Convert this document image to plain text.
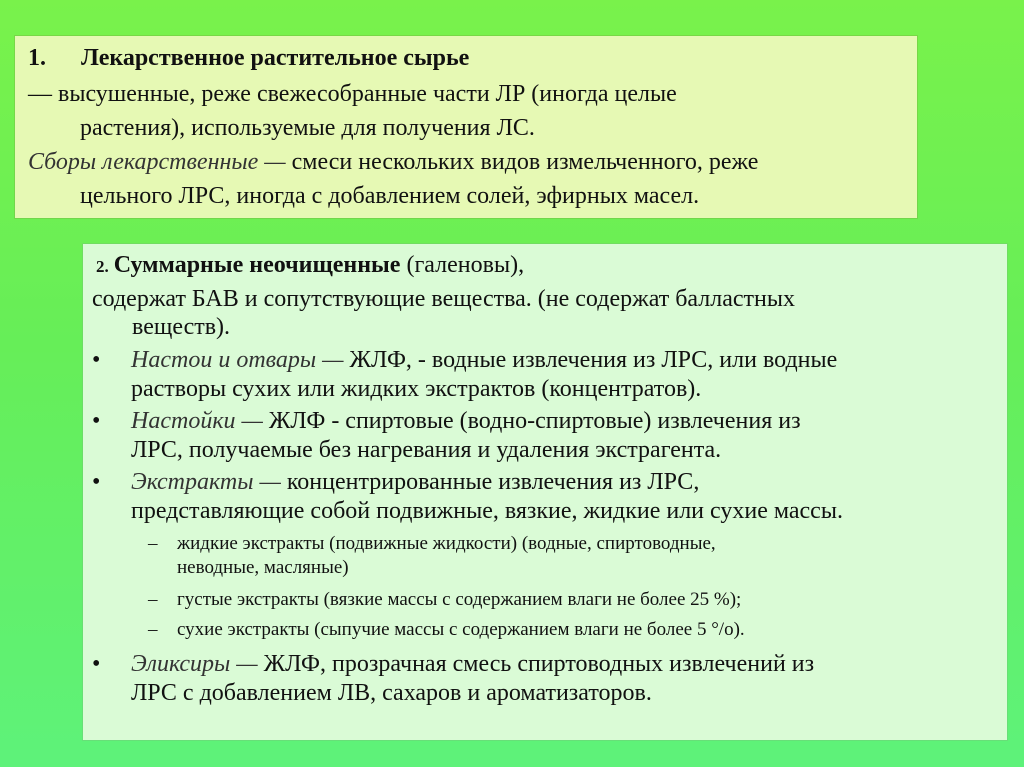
1. Лекарственное растительное сырье
— высушенные, реже свежесобранные части ЛР (иногда целые
растения), используемые для получения ЛС.
Сборы лекарственные — смеси нескольких видов измельченного, реже
цельного ЛРС, иногда с добавлением солей, эфирных масел.
2. Суммарные неочищенные (галеновы),
содержат БАВ и сопутствующие вещества. (не содержат балластных
веществ).
• Настои и отвары — ЖЛФ, - водные извлечения из ЛРС, или водные
растворы сухих или жидких экстрактов (концентратов).
• Настойки — ЖЛФ - спиртовые (водно-спиртовые) извлечения из
ЛРС, получаемые без нагревания и удаления экстрагента.
• Экстракты — концентрированные извлечения из ЛРС,
представляющие собой подвижные, вязкие, жидкие или сухие массы.
– жидкие экстракты (подвижные жидкости) (водные, спиртоводные,
неводные, масляные)
– густые экстракты (вязкие массы с содержанием влаги не более 25 %);
– сухие экстракты (сыпучие массы с содержанием влаги не более 5 °/o).
• Эликсиры — ЖЛФ, прозрачная смесь спиртоводных извлечений из
ЛРС с добавлением ЛВ, сахаров и ароматизаторов.
